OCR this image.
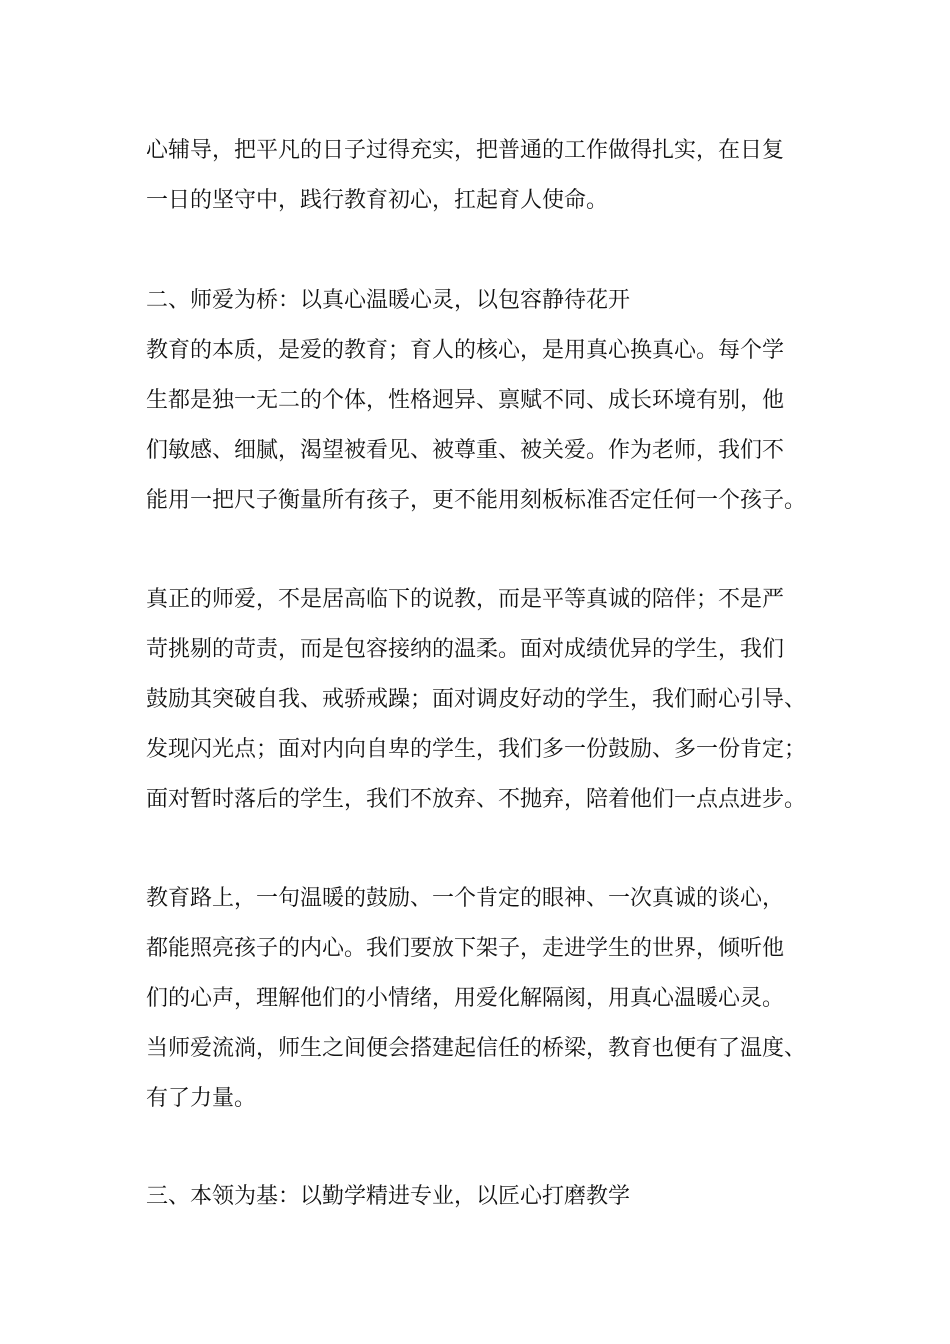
心辅导，把平凡的日子过得充实，把普通的工作做得扎实，在日复
一日的坚守中，践行教育初心，扛起育人使命。
二、师爱为桥：以真心温暖心灵，以包容静待花开
教育的本质，是爱的教育；育人的核心，是用真心换真心。每个学
生都是独一无二的个体，性格迥异、禀赋不同、成长环境有别，他
们敏感、细腻，渴望被看见、被尊重、被关爱。作为老师，我们不
能用一把尺子衡量所有孩子，更不能用刻板标准否定任何一个孩子。
真正的师爱，不是居高临下的说教，而是平等真诚的陪伴；不是严
苛挑剔的苛责，而是包容接纳的温柔。面对成绩优异的学生，我们
鼓励其突破自我、戒骄戒躁；面对调皮好动的学生，我们耐心引导、
发现闪光点；面对内向自卑的学生，我们多一份鼓励、多一份肯定；
面对暂时落后的学生，我们不放弃、不抛弃，陪着他们一点点进步。
教育路上，一句温暖的鼓励、一个肯定的眼神、一次真诚的谈心，
都能照亮孩子的内心。我们要放下架子，走进学生的世界，倾听他
们的心声，理解他们的小情绪，用爱化解隔阂，用真心温暖心灵。
当师爱流淌，师生之间便会搭建起信任的桥梁，教育也便有了温度、
有了力量。
三、本领为基：以勤学精进专业，以匠心打磨教学
